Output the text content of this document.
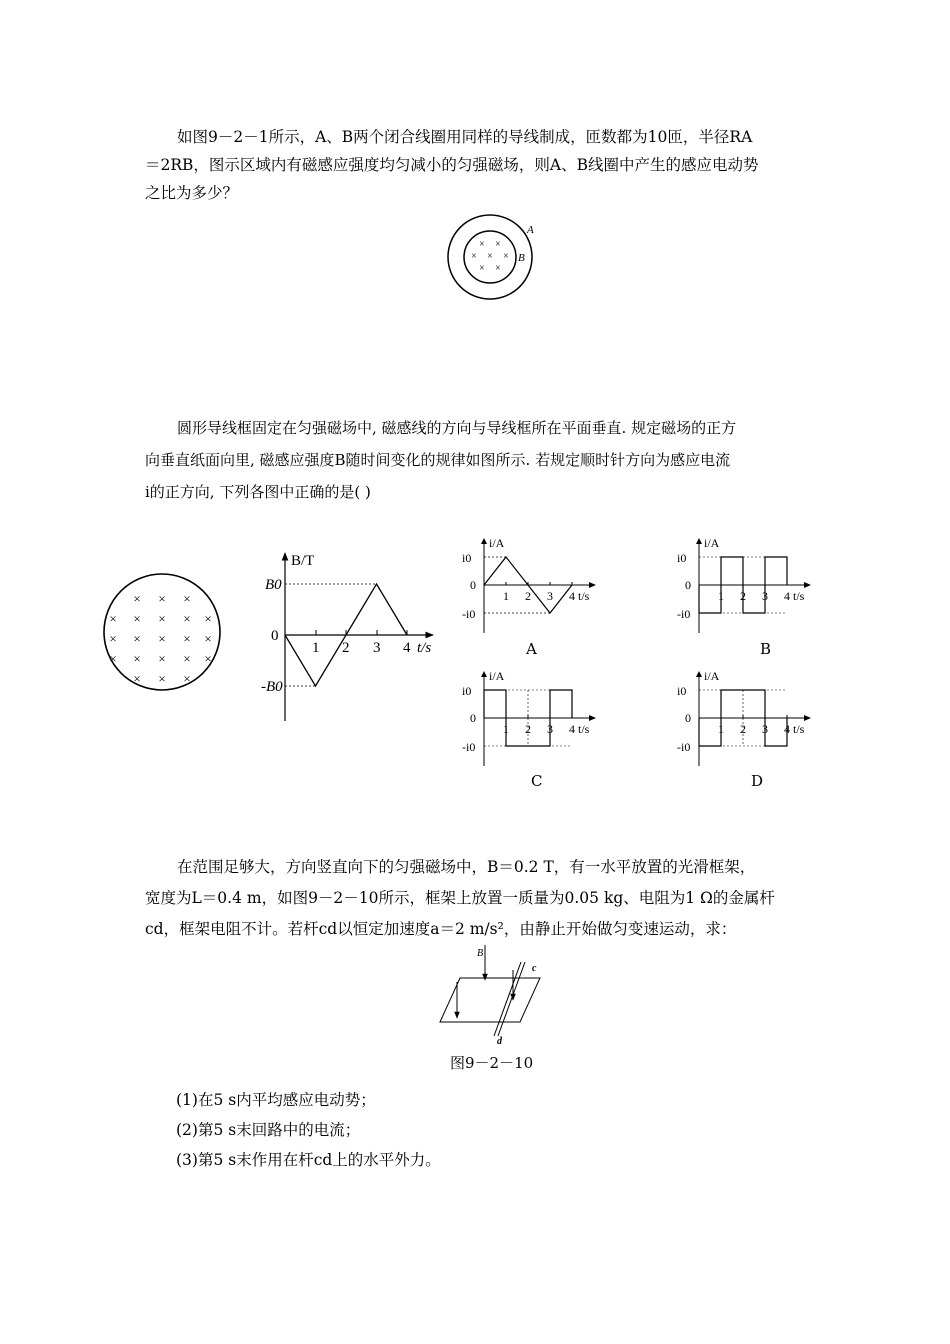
如图9－2－1所示，A、B两个闭合线圈用同样的导线制成，匝数都为10匝，半径RA
＝2RB，图示区域内有磁感应强度均匀减小的匀强磁场，则A、B线圈中产生的感应电动势
之比为多少？
× ×
× × ×
× ×
A
B
圆形导线框固定在匀强磁场中, 磁感线的方向与导线框所在平面垂直. 规定磁场的正方
向垂直纸面向里, 磁感应强度B随时间变化的规律如图所示. 若规定顺时针方向为感应电流
i的正方向, 下列各图中正确的是( )
× × ×
× × × × ×
× × × × ×
× × × × ×
× × ×
B/T
t/s
B0
-B0
0
1 2 3 4
i/A
t/s
i0
0
-i0
1 2 3 4
i/A
t/s
i0
0
-i0
1 2 3 4
i/A
t/s
i0
0
-i0
1 2 3 4
i/A
t/s
i0
0
-i0
1 2 3 4
A	B
C	D
在范围足够大，方向竖直向下的匀强磁场中，B＝0.2 T，有一水平放置的光滑框架，
宽度为L＝0.4 m，如图9－2－10所示，框架上放置一质量为0.05 kg、电阻为1 Ω的金属杆
cd，框架电阻不计。若杆cd以恒定加速度a＝2 m/s²，由静止开始做匀变速运动，求：
B
c
d
图9－2－10
(1)在5 s内平均感应电动势；
(2)第5 s末回路中的电流；
(3)第5 s末作用在杆cd上的水平外力。
